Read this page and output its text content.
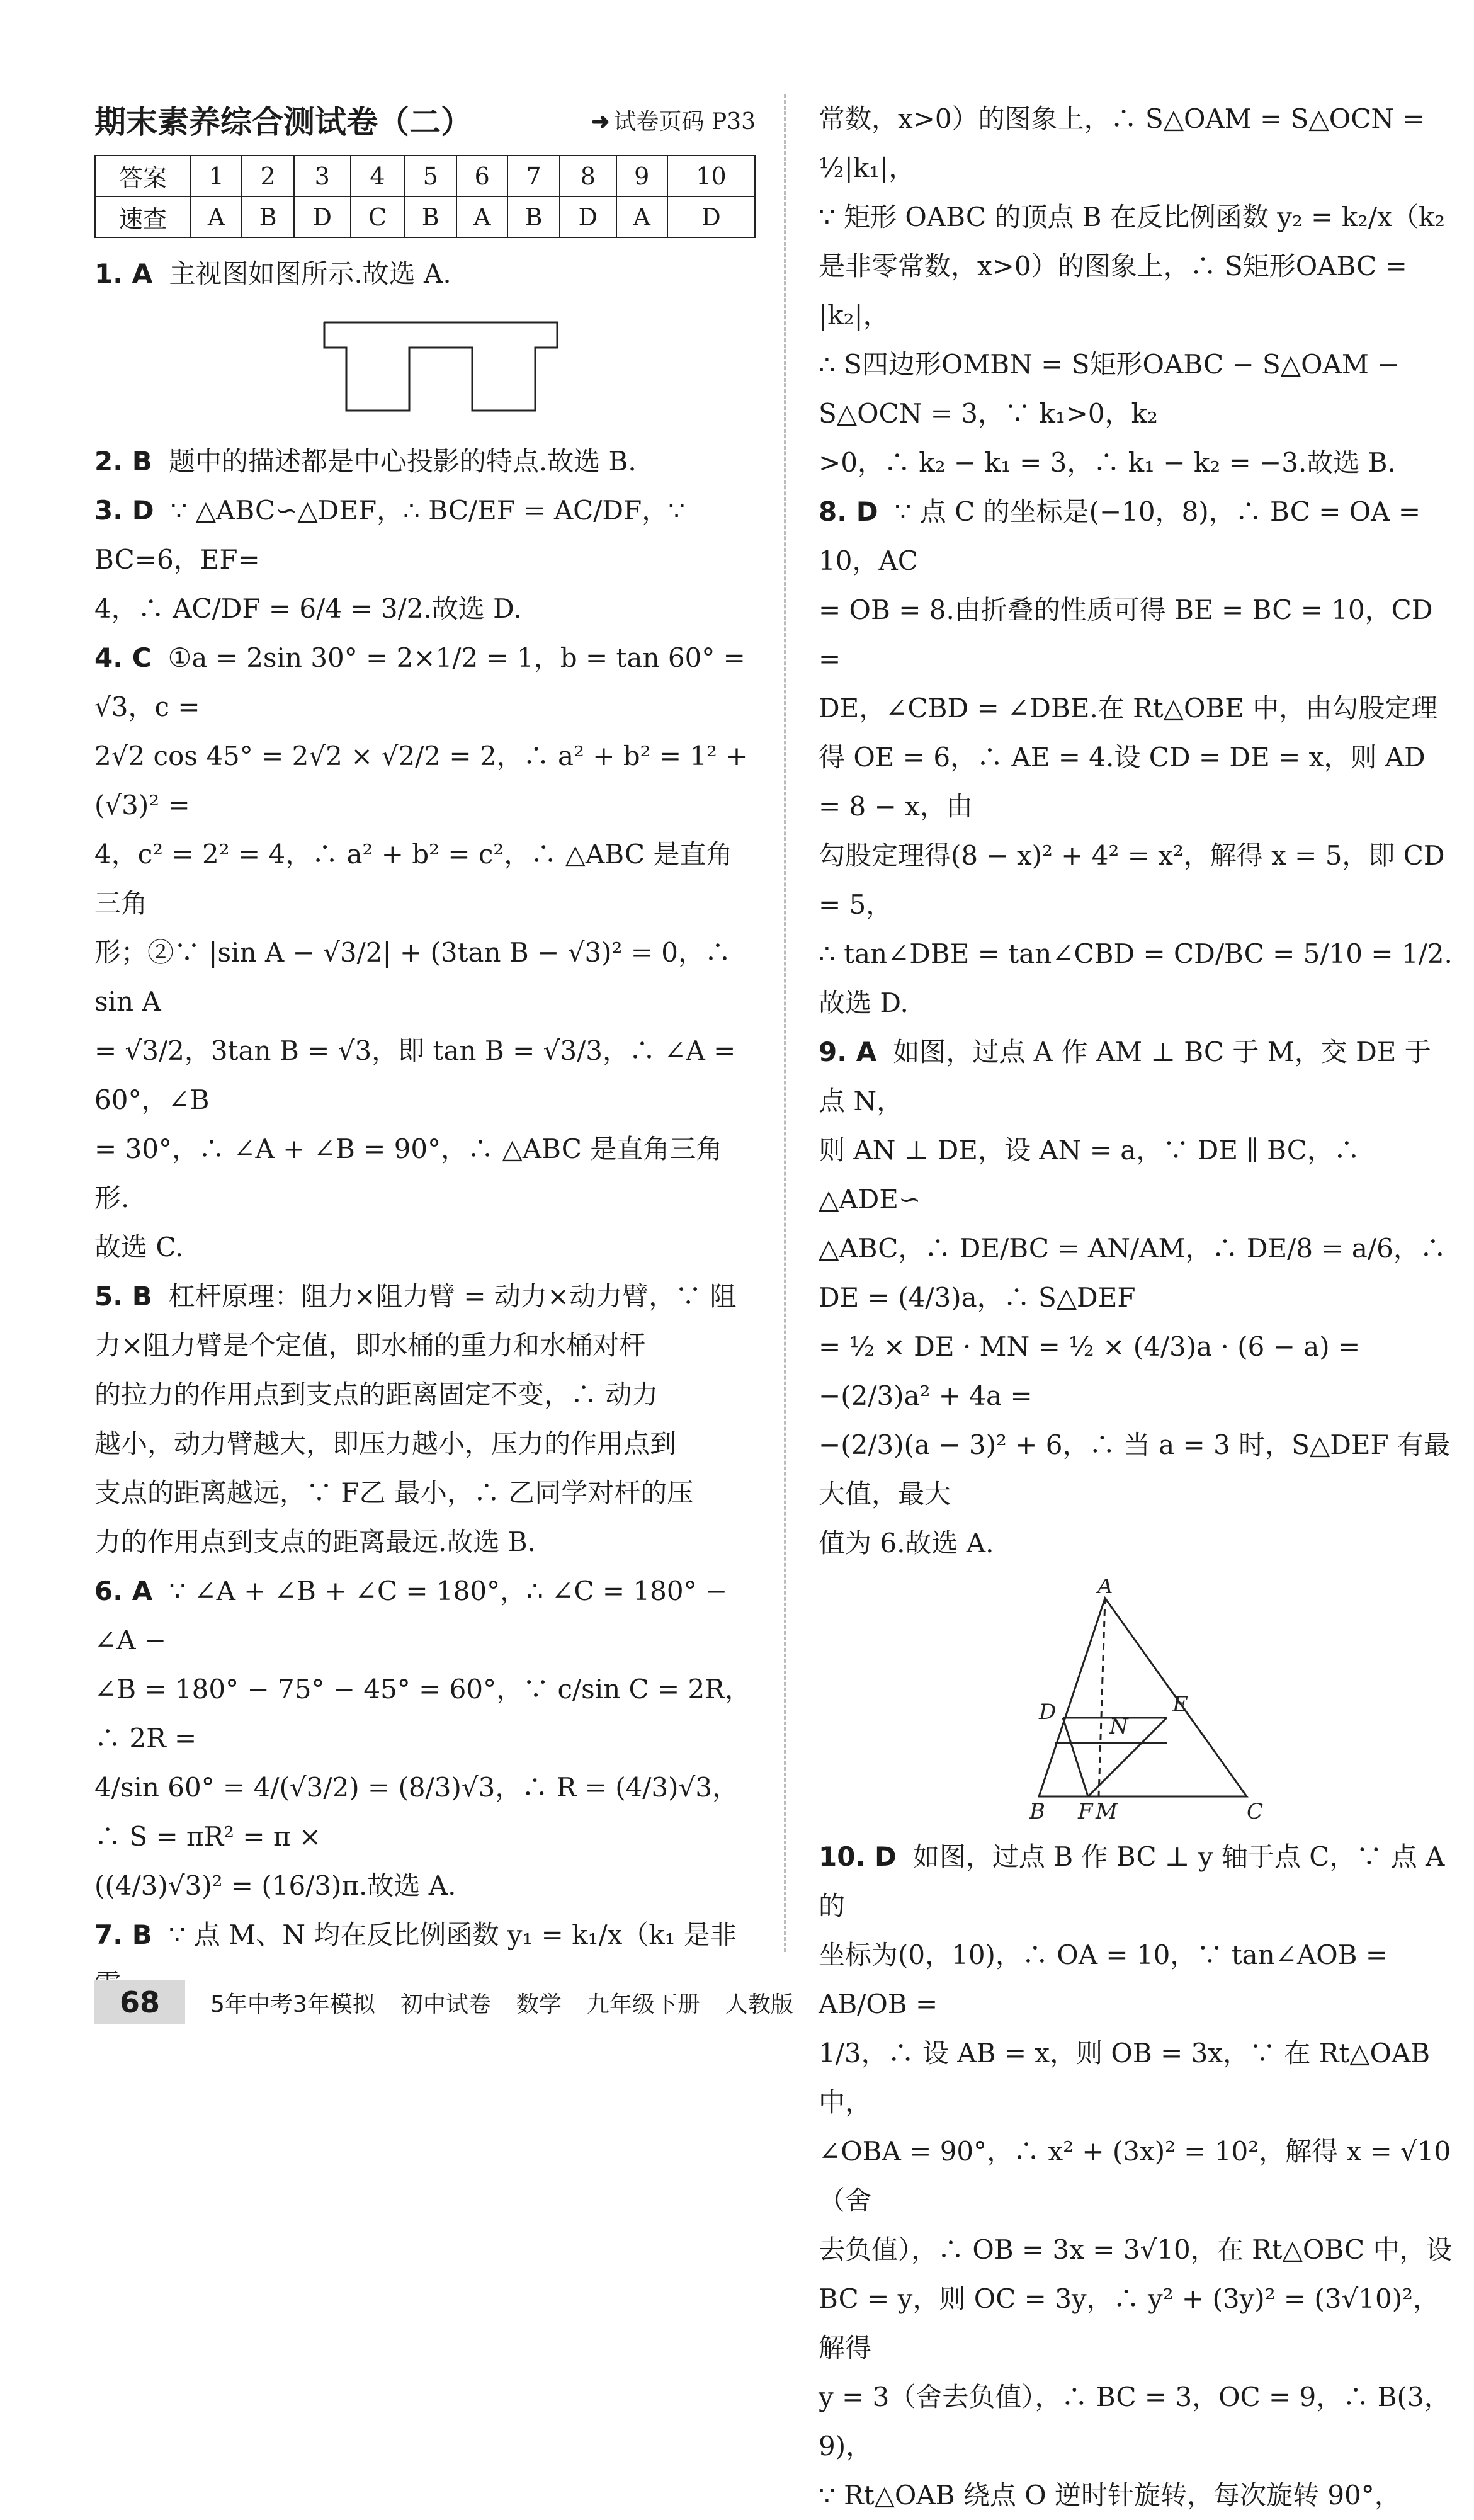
期末素养综合测试卷（二）	➜ 试卷页码 P33
答案	1	2	3	4	5	6	7	8	9	10
速查	A	B	D	C	B	A	B	D	A	D

1. A 主视图如图所示.故选 A.

2. B 题中的描述都是中心投影的特点.故选 B.

3. D ∵ △ABC∽△DEF，∴ BC/EF = AC/DF，∵ BC=6，EF=
4，∴ AC/DF = 6/4 = 3/2.故选 D.
4. C ①a = 2sin 30° = 2×1/2 = 1，b = tan 60° = √3，c =
2√2 cos 45° = 2√2 × √2/2 = 2，∴ a² + b² = 1² + (√3)² =
4，c² = 2² = 4，∴ a² + b² = c²，∴ △ABC 是直角三角
形；②∵ |sin A − √3/2| + (3tan B − √3)² = 0，∴ sin A
= √3/2，3tan B = √3，即 tan B = √3/3，∴ ∠A = 60°，∠B
= 30°，∴ ∠A + ∠B = 90°，∴ △ABC 是直角三角形.
故选 C.
5. B 杠杆原理：阻力×阻力臂 = 动力×动力臂，∵ 阻
力×阻力臂是个定值，即水桶的重力和水桶对杆
的拉力的作用点到支点的距离固定不变，∴ 动力
越小，动力臂越大，即压力越小，压力的作用点到
支点的距离越远，∵ F乙 最小，∴ 乙同学对杆的压
力的作用点到支点的距离最远.故选 B.
6. A ∵ ∠A + ∠B + ∠C = 180°，∴ ∠C = 180° − ∠A −
∠B = 180° − 75° − 45° = 60°，∵ c/sin C = 2R，∴ 2R =
4/sin 60° = 4/(√3/2) = (8/3)√3，∴ R = (4/3)√3，∴ S = πR² = π ×
((4/3)√3)² = (16/3)π.故选 A.
7. B ∵ 点 M、N 均在反比例函数 y₁ = k₁/x（k₁ 是非
常数，x>0）的图象上，∴ S△OAM = S△OCN = ½|k₁|，
∵ 矩形 OABC 的顶点 B 在反比例函数 y₂ = k₂/x（k₂
是非零常数，x>0）的图象上，∴ S矩形OABC = |k₂|，
∴ S四边形OMBN = S矩形OABC − S△OAM − S△OCN = 3，∵ k₁>0，k₂
>0，∴ k₂ − k₁ = 3，∴ k₁ − k₂ = −3.故选 B.
8. D ∵ 点 C 的坐标是(−10，8)，∴ BC = OA = 10，AC
= OB = 8.由折叠的性质可得 BE = BC = 10，CD =
DE，∠CBD = ∠DBE.在 Rt△OBE 中，由勾股定理
得 OE = 6，∴ AE = 4.设 CD = DE = x，则 AD = 8 − x，由
勾股定理得(8 − x)² + 4² = x²，解得 x = 5，即 CD = 5，
∴ tan∠DBE = tan∠CBD = CD/BC = 5/10 = 1/2.故选 D.
9. A 如图，过点 A 作 AM ⊥ BC 于 M，交 DE 于点 N，
则 AN ⊥ DE，设 AN = a，∵ DE ∥ BC，∴ △ADE∽
△ABC，∴ DE/BC = AN/AM，∴ DE/8 = a/6，∴ DE = (4/3)a，∴ S△DEF
= ½ × DE · MN = ½ × (4/3)a · (6 − a) = −(2/3)a² + 4a =
−(2/3)(a − 3)² + 6，∴ 当 a = 3 时，S△DEF 有最大值，最大
值为 6.故选 A.
A
B	C
D	E
N
F M
10. D 如图，过点 B 作 BC ⊥ y 轴于点 C，∵ 点 A 的
坐标为(0，10)，∴ OA = 10，∵ tan∠AOB = AB/OB =
1/3，∴ 设 AB = x，则 OB = 3x，∵ 在 Rt△OAB 中，
∠OBA = 90°，∴ x² + (3x)² = 10²，解得 x = √10（舍
去负值），∴ OB = 3x = 3√10，在 Rt△OBC 中，设
BC = y，则 OC = 3y，∴ y² + (3y)² = (3√10)²，解得
y = 3（舍去负值），∴ BC = 3，OC = 9，∴ B(3，9)，
∵ Rt△OAB 绕点 O 逆时针旋转，每次旋转 90°，
68	5年中考3年模拟 初中试卷 数学 九年级下册 人教版
